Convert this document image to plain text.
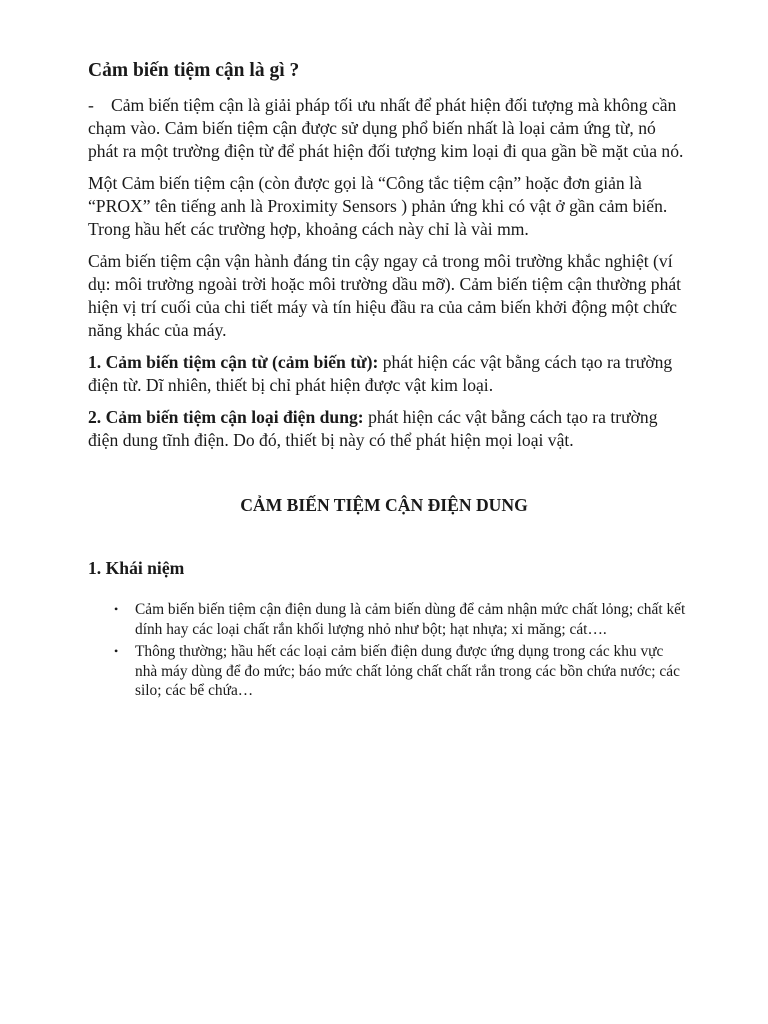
Cảm biến tiệm cận là gì ?

- Cảm biến tiệm cận là giải pháp tối ưu nhất để phát hiện đối tượng mà không cần chạm vào. Cảm biến tiệm cận được sử dụng phổ biến nhất là loại cảm ứng từ, nó phát ra một trường điện từ để phát hiện đối tượng kim loại đi qua gần bề mặt của nó.

Một Cảm biến tiệm cận (còn được gọi là “Công tắc tiệm cận” hoặc đơn giản là “PROX” tên tiếng anh là Proximity Sensors ) phản ứng khi có vật ở gần cảm biến. Trong hầu hết các trường hợp, khoảng cách này chỉ là vài mm.

Cảm biến tiệm cận vận hành đáng tin cậy ngay cả trong môi trường khắc nghiệt (ví dụ: môi trường ngoài trời hoặc môi trường dầu mỡ). Cảm biến tiệm cận thường phát hiện vị trí cuối của chi tiết máy và tín hiệu đầu ra của cảm biến khởi động một chức năng khác của máy.

1. Cảm biến tiệm cận từ (cảm biến từ): phát hiện các vật bằng cách tạo ra trường điện từ. Dĩ nhiên, thiết bị chỉ phát hiện được vật kim loại.

2. Cảm biến tiệm cận loại điện dung: phát hiện các vật bằng cách tạo ra trường điện dung tĩnh điện. Do đó, thiết bị này có thể phát hiện mọi loại vật.

CẢM BIẾN TIỆM CẬN ĐIỆN DUNG
1. Khái niệm
• Cảm biến biến tiệm cận điện dung là cảm biến dùng để cảm nhận mức chất lỏng; chất kết dính hay các loại chất rắn khối lượng nhỏ như bột; hạt nhựa; xi măng; cát….
• Thông thường; hầu hết các loại cảm biến điện dung được ứng dụng trong các khu vực nhà máy dùng để đo mức; báo mức chất lỏng chất chất rắn trong các bồn chứa nước; các silo; các bể chứa…
